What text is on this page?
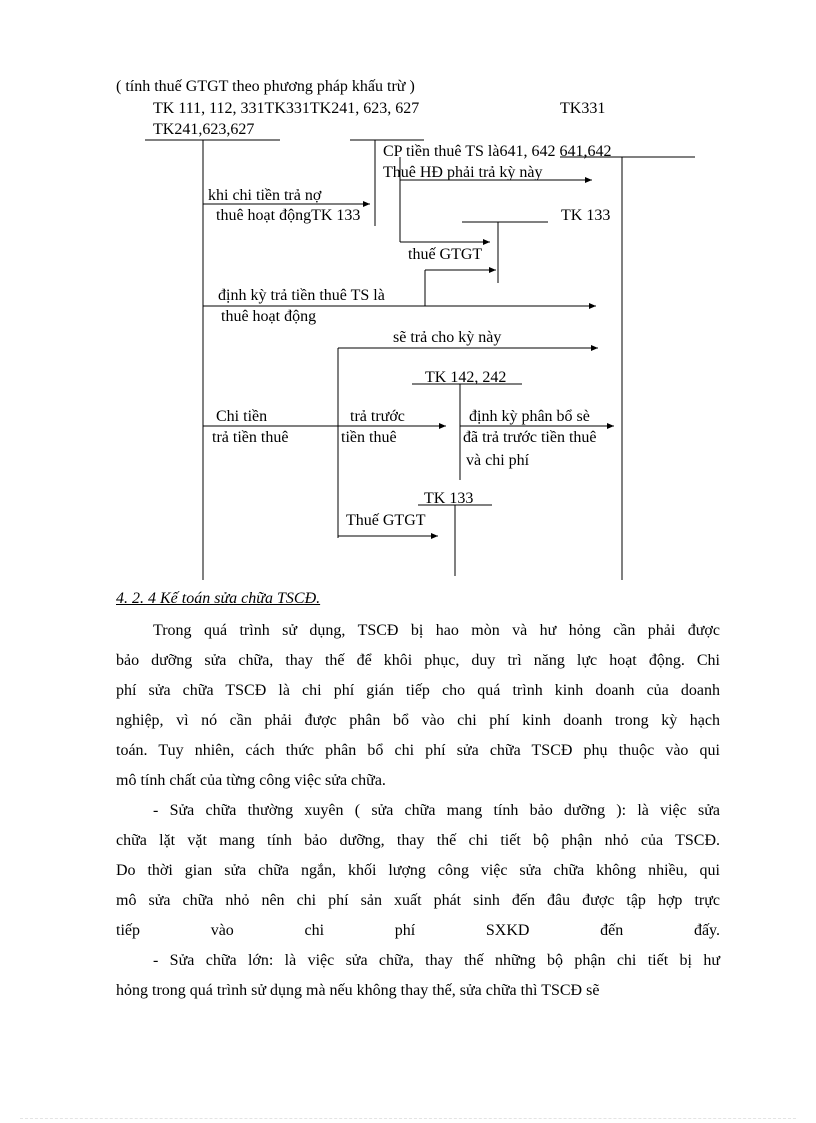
( tính thuế GTGT theo phương pháp khấu trừ )
TK 111, 112, 331TK331TK241, 623, 627	TK331
TK241,623,627
CP tiền thuê TS là641, 642 641,642
Thuê HĐ phải trả kỳ này
khi chi tiền trả nợ
thuê hoạt độngTK 133	TK 133
thuế GTGT
định kỳ trả tiền thuê TS là
thuê hoạt động
sẽ trả cho kỳ này
TK 142, 242
Chi tiền
trả tiền thuê
trả trước
tiền thuê
định kỳ phân bổ sè
đã trả trước tiền thuê
và chi phí
TK 133
Thuế GTGT
4. 2. 4 Kế toán sửa chữa TSCĐ.

Trong quá trình sử dụng, TSCĐ bị hao mòn và hư hỏng cần phải được

bảo dưỡng sửa chữa, thay thế để khôi phục, duy trì năng lực hoạt động. Chi

phí sửa chữa TSCĐ là chi phí gián tiếp cho quá trình kinh doanh của doanh

nghiệp, vì nó cần phải được phân bổ vào chi phí kinh doanh trong kỳ hạch

toán. Tuy nhiên, cách thức phân bổ chi phí sửa chữa TSCĐ phụ thuộc vào qui

mô tính chất của từng công việc sửa chữa.

- Sửa chữa thường xuyên ( sửa chữa mang tính bảo dưỡng ): là việc sửa

chữa lặt vặt mang tính bảo dưỡng, thay thế chi tiết bộ phận nhỏ của TSCĐ.

Do thời gian sửa chữa ngắn, khối lượng công việc sửa chữa không nhiều, qui

mô sửa chữa nhỏ nên chi phí sản xuất phát sinh đến đâu được tập hợp trực

tiếp vào chi phí SXKD đến đấy.

- Sửa chữa lớn: là việc sửa chữa, thay thế những bộ phận chi tiết bị hư

hỏng trong quá trình sử dụng mà nếu không thay thế, sửa chữa thì TSCĐ sẽ
